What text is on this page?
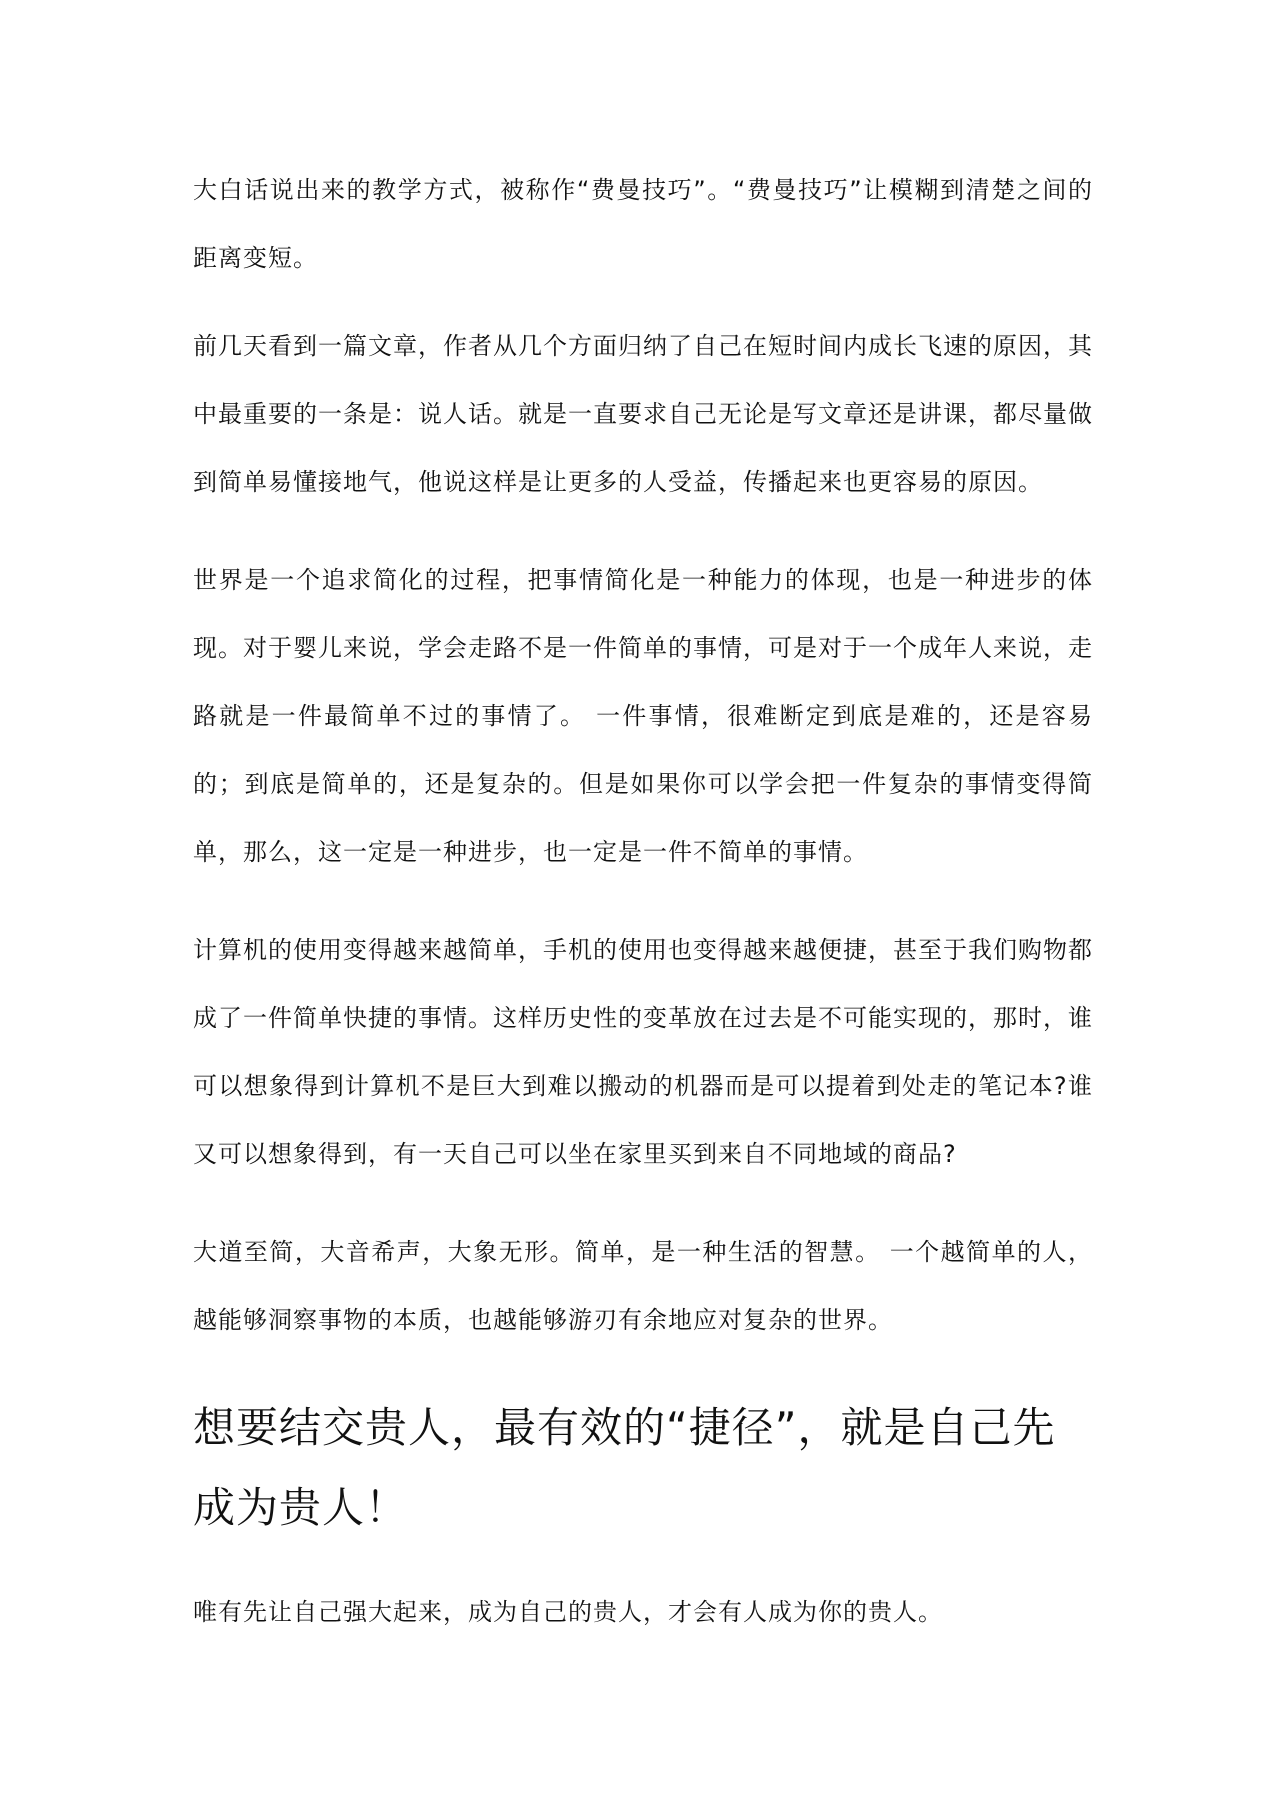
大白话说出来的教学方式，被称作“费曼技巧”。“费曼技巧”让模糊到清楚之间的距离变短。

前几天看到一篇文章，作者从几个方面归纳了自己在短时间内成长飞速的原因，其中最重要的一条是：说人话。就是一直要求自己无论是写文章还是讲课，都尽量做到简单易懂接地气，他说这样是让更多的人受益，传播起来也更容易的原因。

世界是一个追求简化的过程，把事情简化是一种能力的体现，也是一种进步的体现。对于婴儿来说，学会走路不是一件简单的事情，可是对于一个成年人来说，走路就是一件最简单不过的事情了。 一件事情，很难断定到底是难的，还是容易的；到底是简单的，还是复杂的。但是如果你可以学会把一件复杂的事情变得简单，那么，这一定是一种进步，也一定是一件不简单的事情。

计算机的使用变得越来越简单，手机的使用也变得越来越便捷，甚至于我们购物都成了一件简单快捷的事情。这样历史性的变革放在过去是不可能实现的，那时，谁可以想象得到计算机不是巨大到难以搬动的机器而是可以提着到处走的笔记本?谁又可以想象得到，有一天自己可以坐在家里买到来自不同地域的商品?

大道至简，大音希声，大象无形。简单，是一种生活的智慧。 一个越简单的人，越能够洞察事物的本质，也越能够游刃有余地应对复杂的世界。

想要结交贵人，最有效的“捷径”，就是自己先成为贵人！

唯有先让自己强大起来，成为自己的贵人，才会有人成为你的贵人。
